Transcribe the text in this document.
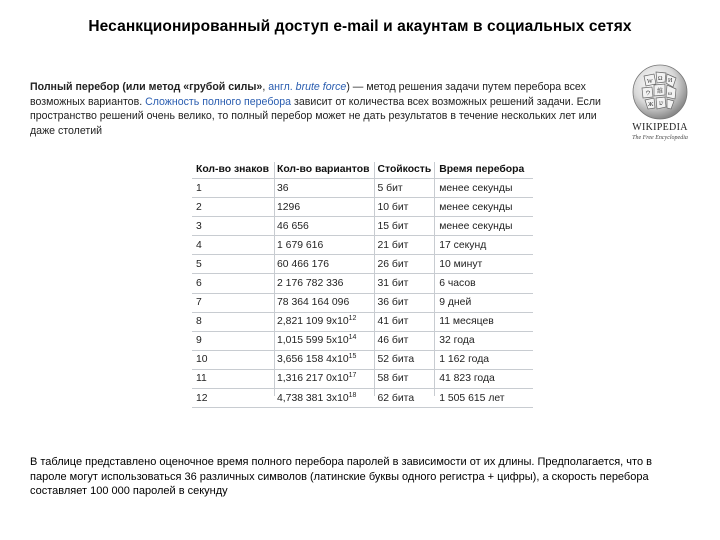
Несанкционированный доступ e-mail и акаунтам в социальных сетях
Полный перебор (или метод «грубой силы», англ. brute force) — метод решения задачи путем перебора всех возможных вариантов. Сложность полного перебора зависит от количества всех возможных решений задачи. Если пространство решений очень велико, то полный перебор может не дать результатов в течение нескольких лет или даже столетий
W Ω И
ウ 維 ω
Ж ש
WIKIPEDIA
The Free Encyclopedia
Кол-во знаков	Кол-во вариантов	Стойкость	Время перебора
1	36	5 бит	менее секунды
2	1296	10 бит	менее секунды
3	46 656	15 бит	менее секунды
4	1 679 616	21 бит	17 секунд
5	60 466 176	26 бит	10 минут
6	2 176 782 336	31 бит	6 часов
7	78 364 164 096	36 бит	9 дней
8	2,821 109 $9x10^{12}$	41 бит	11 месяцев
9	1,015 599 $5x10^{14}$	46 бит	32 года
10	3,656 158 $4x10^{15}$	52 бита	1 162 года
11	1,316 217 $0x10^{17}$	58 бит	41 823 года
12	4,738 381 $3x10^{18}$	62 бита	1 505 615 лет
В таблице представлено оценочное время полного перебора паролей в зависимости от их длины. Предполагается, что в пароле могут использоваться 36 различных символов (латинские буквы одного регистра + цифры), а скорость перебора составляет 100 000 паролей в секунду
